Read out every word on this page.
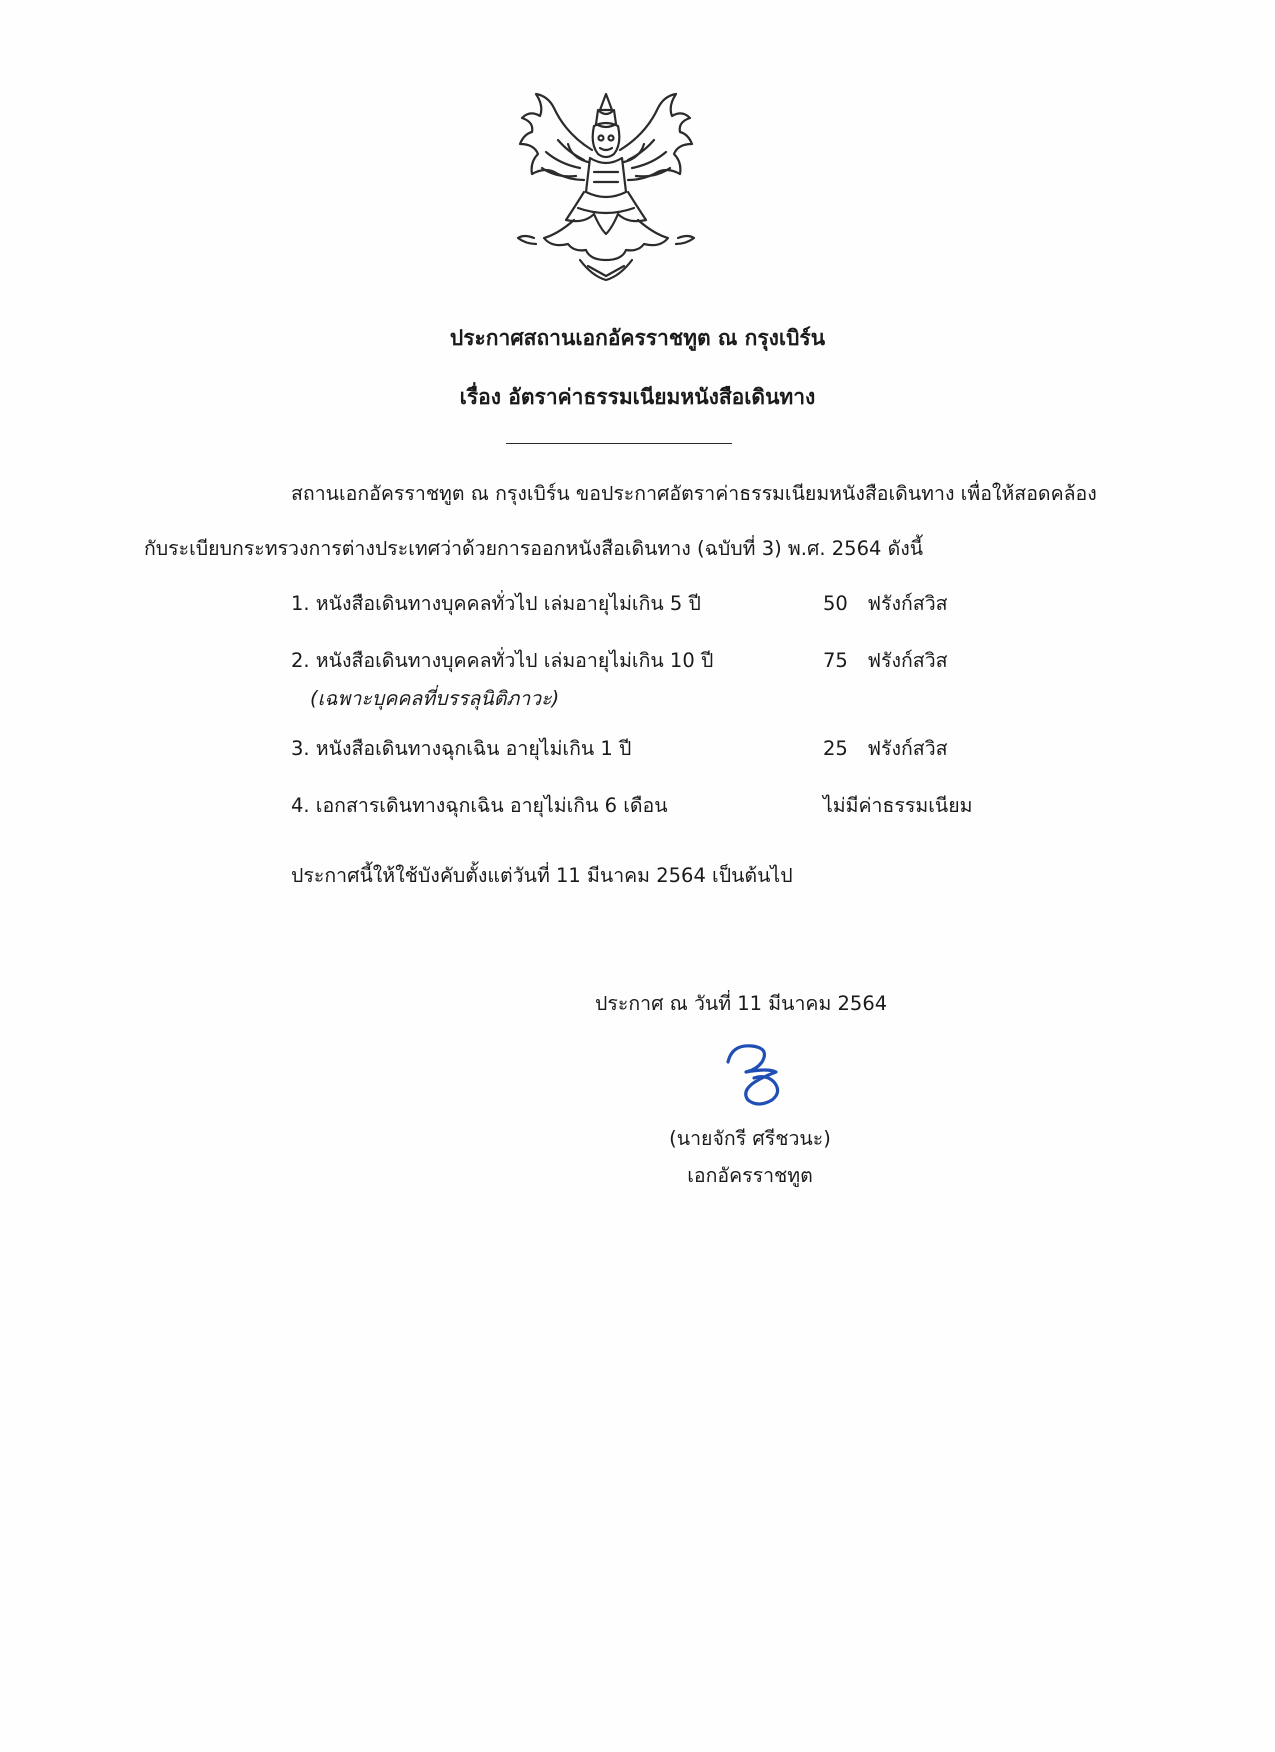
ประกาศสถานเอกอัครราชทูต ณ กรุงเบิร์น
เรื่อง อัตราค่าธรรมเนียมหนังสือเดินทาง
สถานเอกอัครราชทูต ณ กรุงเบิร์น ขอประกาศอัตราค่าธรรมเนียมหนังสือเดินทาง เพื่อให้สอดคล้อง
กับระเบียบกระทรวงการต่างประเทศว่าด้วยการออกหนังสือเดินทาง (ฉบับที่ 3) พ.ศ. 2564 ดังนี้
1. หนังสือเดินทางบุคคลทั่วไป เล่มอายุไม่เกิน 5 ปี	50 ฟรังก์สวิส
2. หนังสือเดินทางบุคคลทั่วไป เล่มอายุไม่เกิน 10 ปี	75 ฟรังก์สวิส
(เฉพาะบุคคลที่บรรลุนิติภาวะ)
3. หนังสือเดินทางฉุกเฉิน อายุไม่เกิน 1 ปี	25 ฟรังก์สวิส
4. เอกสารเดินทางฉุกเฉิน อายุไม่เกิน 6 เดือน	ไม่มีค่าธรรมเนียม
ประกาศนี้ให้ใช้บังคับตั้งแต่วันที่ 11 มีนาคม 2564 เป็นต้นไป
ประกาศ ณ วันที่ 11 มีนาคม 2564
(นายจักรี ศรีชวนะ)
เอกอัครราชทูต
